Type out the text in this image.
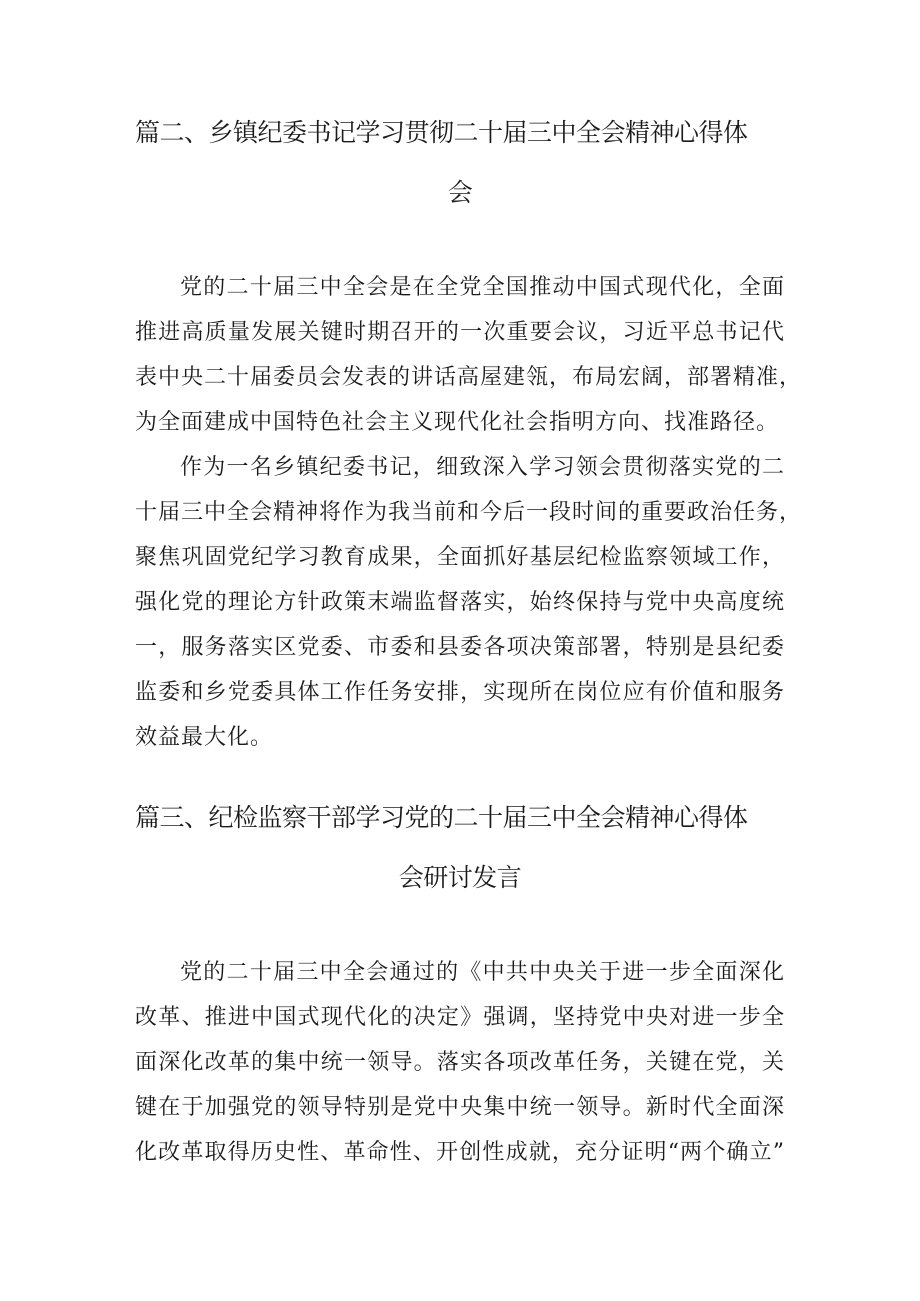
篇二、乡镇纪委书记学习贯彻二十届三中全会精神心得体
会
党的二十届三中全会是在全党全国推动中国式现代化，全面
推进高质量发展关键时期召开的一次重要会议，习近平总书记代
表中央二十届委员会发表的讲话高屋建瓴，布局宏阔，部署精准，
为全面建成中国特色社会主义现代化社会指明方向、找准路径。
作为一名乡镇纪委书记，细致深入学习领会贯彻落实党的二
十届三中全会精神将作为我当前和今后一段时间的重要政治任务，
聚焦巩固党纪学习教育成果，全面抓好基层纪检监察领域工作，
强化党的理论方针政策末端监督落实，始终保持与党中央高度统
一，服务落实区党委、市委和县委各项决策部署，特别是县纪委
监委和乡党委具体工作任务安排，实现所在岗位应有价值和服务
效益最大化。
篇三、纪检监察干部学习党的二十届三中全会精神心得体
会研讨发言
党的二十届三中全会通过的《中共中央关于进一步全面深化
改革、推进中国式现代化的决定》强调，坚持党中央对进一步全
面深化改革的集中统一领导。落实各项改革任务，关键在党，关
键在于加强党的领导特别是党中央集中统一领导。新时代全面深
化改革取得历史性、革命性、开创性成就，充分证明“两个确立”
